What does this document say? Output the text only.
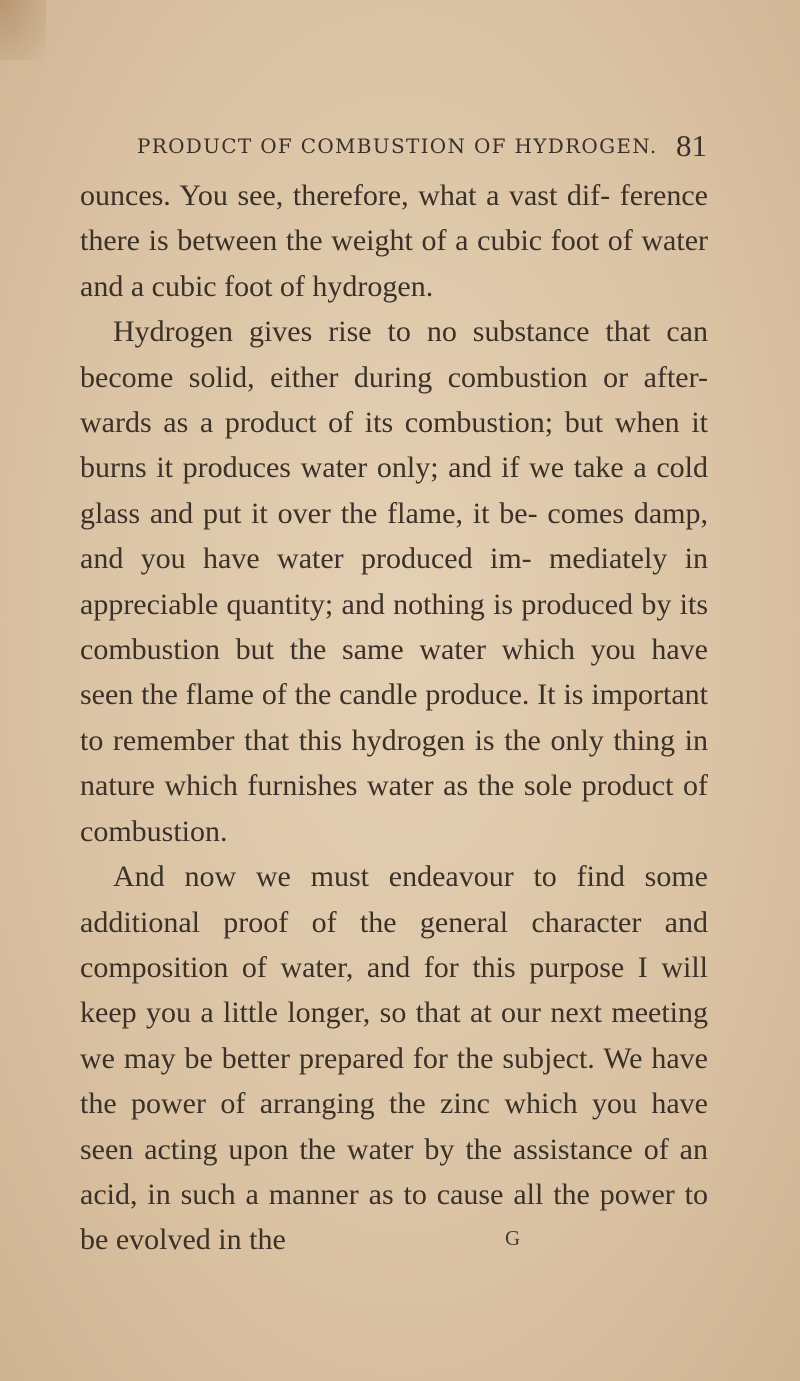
PRODUCT OF COMBUSTION OF HYDROGEN. 81

ounces. You see, therefore, what a vast dif- ference there is between the weight of a cubic foot of water and a cubic foot of hydrogen.

Hydrogen gives rise to no substance that can become solid, either during combustion or after- wards as a product of its combustion; but when it burns it produces water only; and if we take a cold glass and put it over the flame, it be- comes damp, and you have water produced im- mediately in appreciable quantity; and nothing is produced by its combustion but the same water which you have seen the flame of the candle produce. It is important to remember that this hydrogen is the only thing in nature which furnishes water as the sole product of combustion.

And now we must endeavour to find some additional proof of the general character and composition of water, and for this purpose I will keep you a little longer, so that at our next meeting we may be better prepared for the subject. We have the power of arranging the zinc which you have seen acting upon the water by the assistance of an acid, in such a manner as to cause all the power to be evolved in the	G
